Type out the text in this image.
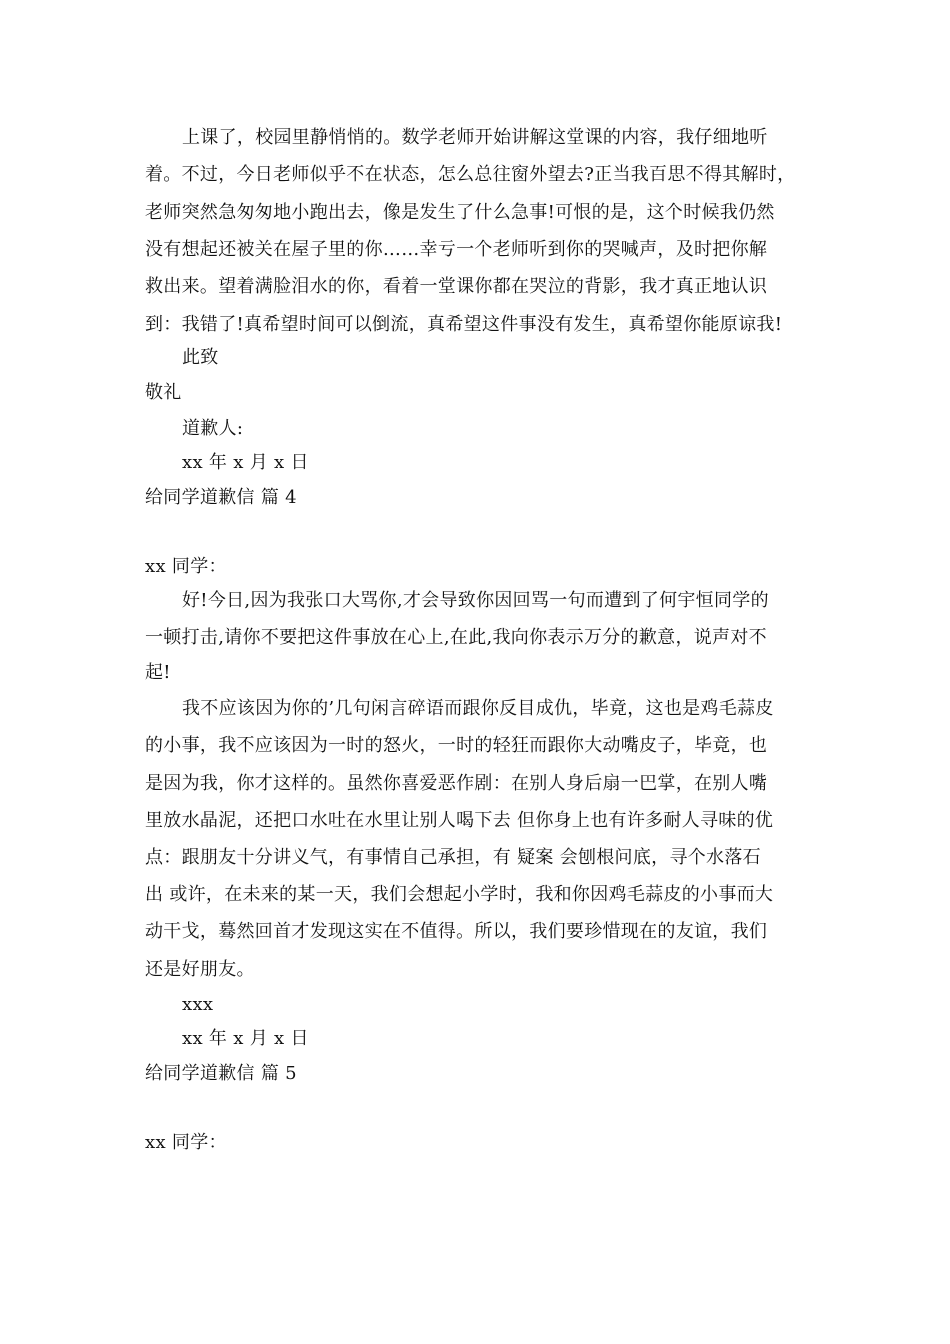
上课了，校园里静悄悄的。数学老师开始讲解这堂课的内容，我仔细地听
着。不过，今日老师似乎不在状态，怎么总往窗外望去?正当我百思不得其解时，
老师突然急匆匆地小跑出去，像是发生了什么急事!可恨的是，这个时候我仍然
没有想起还被关在屋子里的你……幸亏一个老师听到你的哭喊声，及时把你解
救出来。望着满脸泪水的你，看着一堂课你都在哭泣的背影，我才真正地认识
到：我错了!真希望时间可以倒流，真希望这件事没有发生，真希望你能原谅我!
此致
敬礼
道歉人:
xx 年 x 月 x 日
给同学道歉信 篇 4
xx 同学：
好!今日,因为我张口大骂你,才会导致你因回骂一句而遭到了何宇恒同学的
一顿打击,请你不要把这件事放在心上,在此,我向你表示万分的歉意，说声对不
起!
我不应该因为你的’几句闲言碎语而跟你反目成仇，毕竟，这也是鸡毛蒜皮
的小事，我不应该因为一时的怒火，一时的轻狂而跟你大动嘴皮子，毕竟，也
是因为我，你才这样的。虽然你喜爱恶作剧：在别人身后扇一巴掌，在别人嘴
里放水晶泥，还把口水吐在水里让别人喝下去 但你身上也有许多耐人寻味的优
点：跟朋友十分讲义气，有事情自己承担，有 疑案 会刨根问底，寻个水落石
出 或许，在未来的某一天，我们会想起小学时，我和你因鸡毛蒜皮的小事而大
动干戈，蓦然回首才发现这实在不值得。所以，我们要珍惜现在的友谊，我们
还是好朋友。
xxx
xx 年 x 月 x 日
给同学道歉信 篇 5
xx 同学：
